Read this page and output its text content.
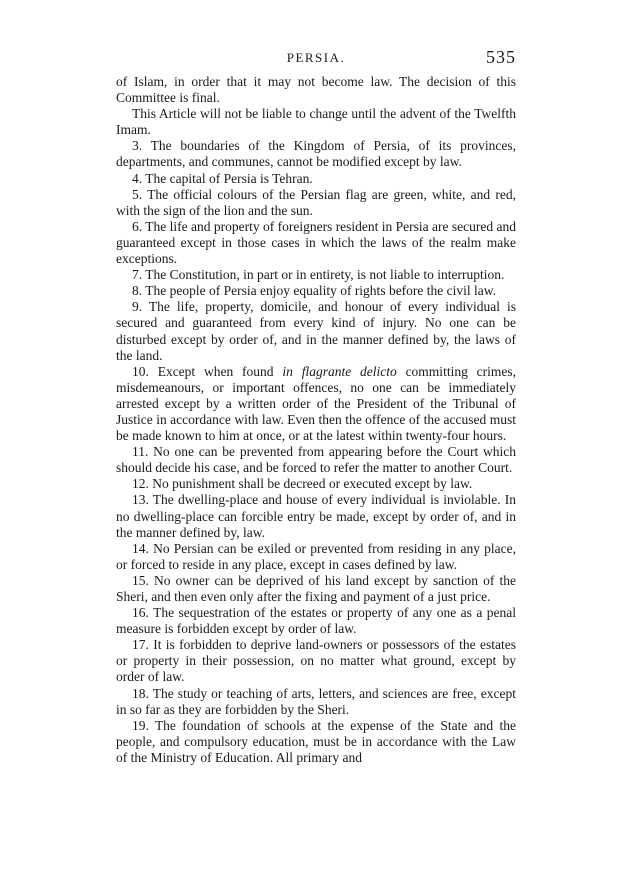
PERSIA.	535

of Islam, in order that it may not become law. The decision of this Committee is final.

This Article will not be liable to change until the advent of the Twelfth Imam.

3. The boundaries of the Kingdom of Persia, of its provinces, departments, and communes, cannot be modified except by law.

4. The capital of Persia is Tehran.

5. The official colours of the Persian flag are green, white, and red, with the sign of the lion and the sun.

6. The life and property of foreigners resident in Persia are secured and guaranteed except in those cases in which the laws of the realm make exceptions.

7. The Constitution, in part or in entirety, is not liable to interruption.

8. The people of Persia enjoy equality of rights before the civil law.

9. The life, property, domicile, and honour of every individual is secured and guaranteed from every kind of injury. No one can be disturbed except by order of, and in the manner defined by, the laws of the land.

10. Except when found in flagrante delicto committing crimes, misdemeanours, or important offences, no one can be immediately arrested except by a written order of the President of the Tribunal of Justice in accordance with law. Even then the offence of the accused must be made known to him at once, or at the latest within twenty-four hours.

11. No one can be prevented from appearing before the Court which should decide his case, and be forced to refer the matter to another Court.

12. No punishment shall be decreed or executed except by law.

13. The dwelling-place and house of every individual is inviolable. In no dwelling-place can forcible entry be made, except by order of, and in the manner defined by, law.

14. No Persian can be exiled or prevented from residing in any place, or forced to reside in any place, except in cases defined by law.

15. No owner can be deprived of his land except by sanction of the Sheri, and then even only after the fixing and payment of a just price.

16. The sequestration of the estates or property of any one as a penal measure is forbidden except by order of law.

17. It is forbidden to deprive land-owners or possessors of the estates or property in their possession, on no matter what ground, except by order of law.

18. The study or teaching of arts, letters, and sciences are free, except in so far as they are forbidden by the Sheri.

19. The foundation of schools at the expense of the State and the people, and compulsory education, must be in accordance with the Law of the Ministry of Education. All primary and
